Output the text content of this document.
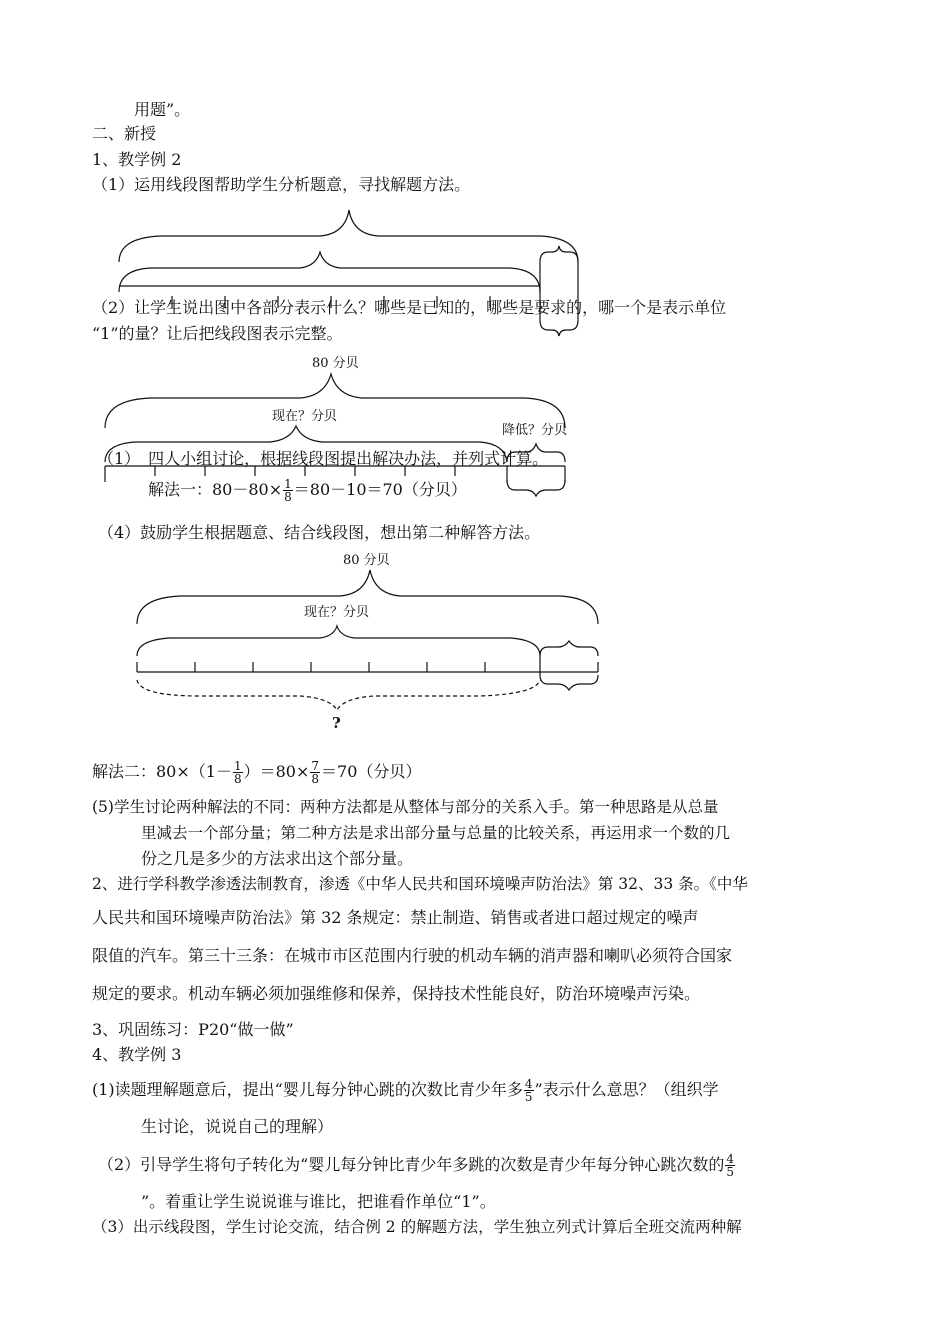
用题”。
二、新授
1、教学例 2
（1）运用线段图帮助学生分析题意，寻找解题方法。
（2）让学生说出图中各部分表示什么？哪些是已知的，哪些是要求的，哪一个是表示单位
“1”的量？让后把线段图表示完整。
80 分贝
现在？分贝
降低？分贝
（1）　四人小组讨论，根据线段图提出解决办法，并列式计算。
解法一：$80-80\times \frac{1}{8} =80-10=70$（分贝）
（4）鼓励学生根据题意、结合线段图，想出第二种解答方法。
80 分贝
现在？分贝
?
解法二：$80\times(1- \frac{1}{8} )=80\times \frac{7}{8} =70$（分贝）
(5)学生讨论两种解法的不同：两种方法都是从整体与部分的关系入手。第一种思路是从总量
里减去一个部分量；第二种方法是求出部分量与总量的比较关系，再运用求一个数的几
份之几是多少的方法求出这个部分量。
2、进行学科教学渗透法制教育，渗透《中华人民共和国环境噪声防治法》第 32、33 条。《中华
人民共和国环境噪声防治法》第 32 条规定：禁止制造、销售或者进口超过规定的噪声
限值的汽车。第三十三条：在城市市区范围内行驶的机动车辆的消声器和喇叭必须符合国家
规定的要求。机动车辆必须加强维修和保养，保持技术性能良好，防治环境噪声污染。
3、巩固练习：P20“做一做”
4、教学例 3
(1)读题理解题意后，提出“婴儿每分钟心跳的次数比青少年多 $\frac{4}{5}$ ”表示什么意思？（组织学
生讨论，说说自己的理解）
（2）引导学生将句子转化为“婴儿每分钟比青少年多跳的次数是青少年每分钟心跳次数的 $\frac{4}{5}$
”。着重让学生说说谁与谁比，把谁看作单位“1”。
（3）出示线段图，学生讨论交流，结合例 2 的解题方法，学生独立列式计算后全班交流两种解
